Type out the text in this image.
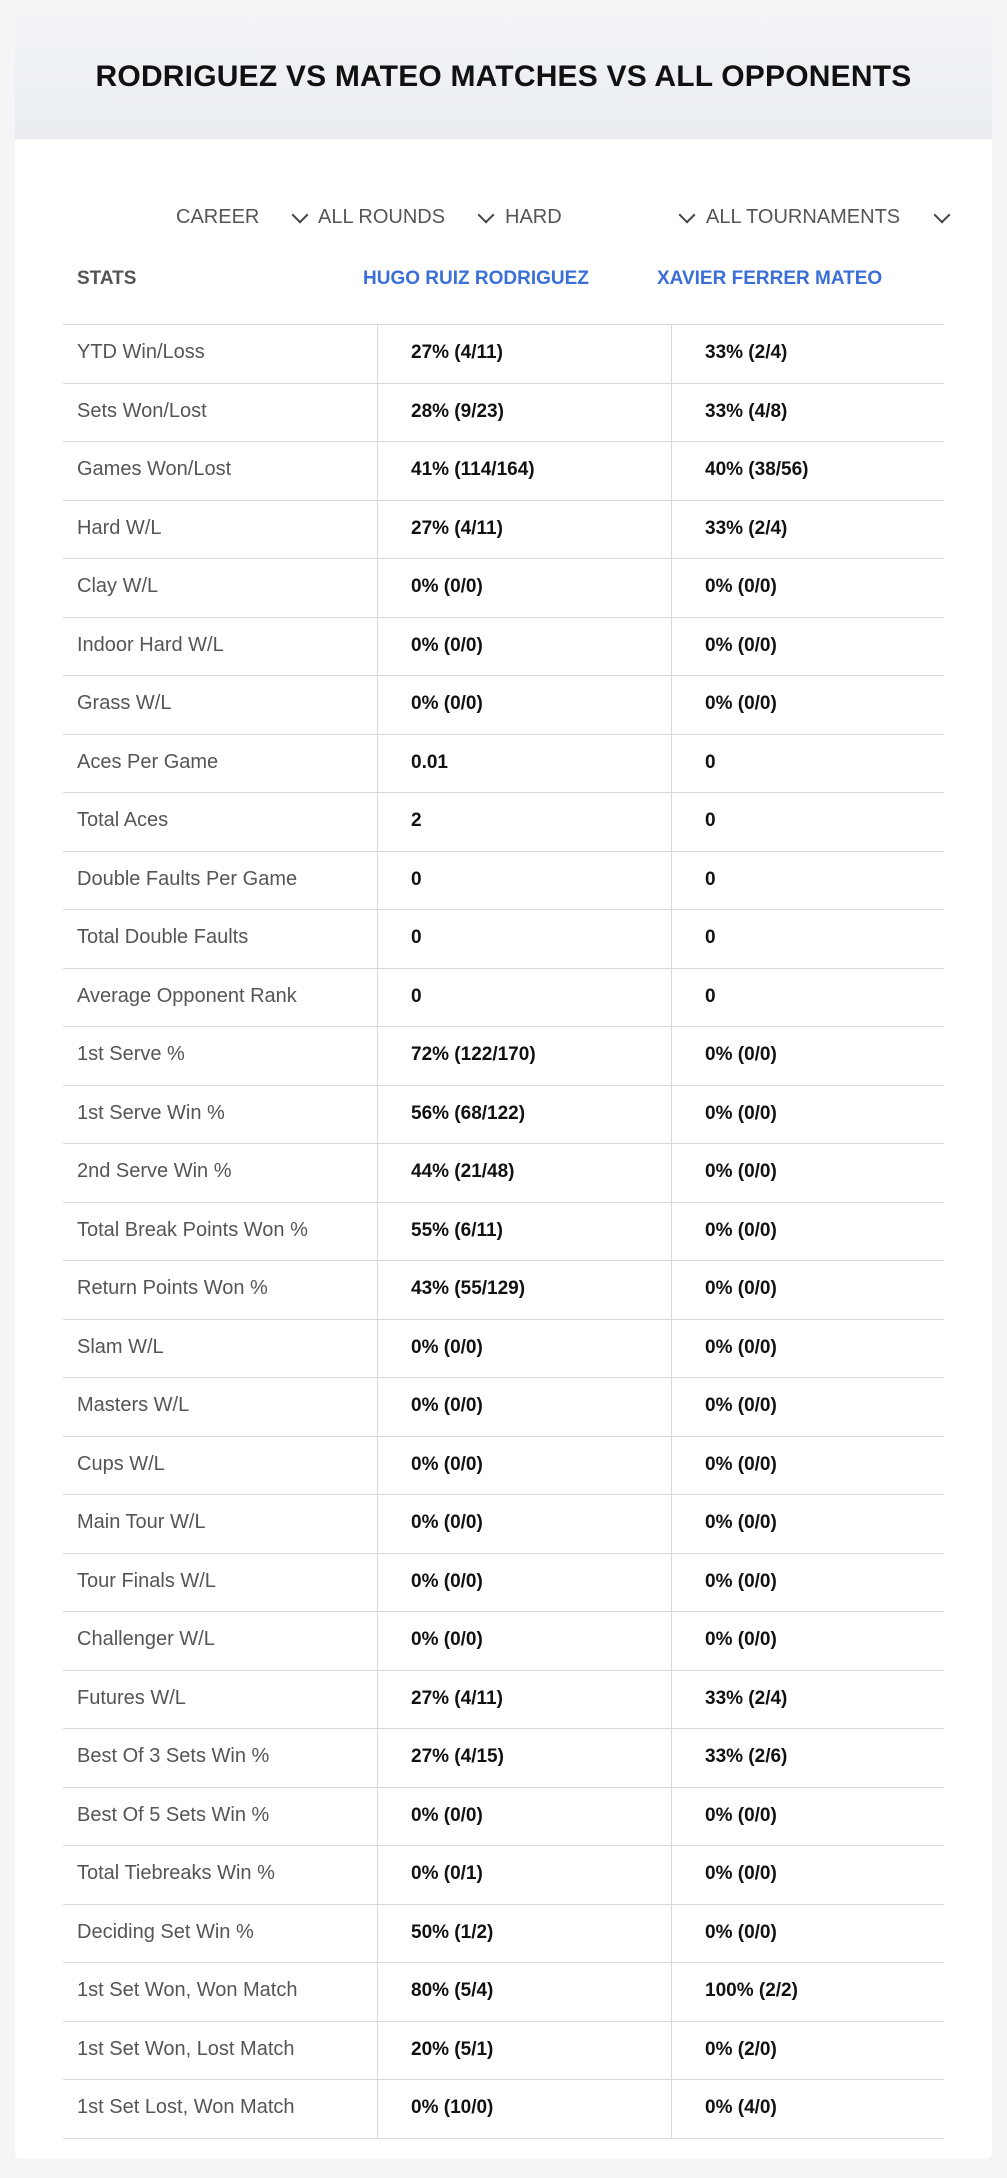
RODRIGUEZ VS MATEO MATCHES VS ALL OPPONENTS
CAREER	ALL ROUNDS	HARD	ALL TOURNAMENTS
STATS	HUGO RUIZ RODRIGUEZ	XAVIER FERRER MATEO
YTD Win/Loss	27% (4/11)	33% (2/4)
Sets Won/Lost	28% (9/23)	33% (4/8)
Games Won/Lost	41% (114/164)	40% (38/56)
Hard W/L	27% (4/11)	33% (2/4)
Clay W/L	0% (0/0)	0% (0/0)
Indoor Hard W/L	0% (0/0)	0% (0/0)
Grass W/L	0% (0/0)	0% (0/0)
Aces Per Game	0.01	0
Total Aces	2	0
Double Faults Per Game	0	0
Total Double Faults	0	0
Average Opponent Rank	0	0
1st Serve %	72% (122/170)	0% (0/0)
1st Serve Win %	56% (68/122)	0% (0/0)
2nd Serve Win %	44% (21/48)	0% (0/0)
Total Break Points Won %	55% (6/11)	0% (0/0)
Return Points Won %	43% (55/129)	0% (0/0)
Slam W/L	0% (0/0)	0% (0/0)
Masters W/L	0% (0/0)	0% (0/0)
Cups W/L	0% (0/0)	0% (0/0)
Main Tour W/L	0% (0/0)	0% (0/0)
Tour Finals W/L	0% (0/0)	0% (0/0)
Challenger W/L	0% (0/0)	0% (0/0)
Futures W/L	27% (4/11)	33% (2/4)
Best Of 3 Sets Win %	27% (4/15)	33% (2/6)
Best Of 5 Sets Win %	0% (0/0)	0% (0/0)
Total Tiebreaks Win %	0% (0/1)	0% (0/0)
Deciding Set Win %	50% (1/2)	0% (0/0)
1st Set Won, Won Match	80% (5/4)	100% (2/2)
1st Set Won, Lost Match	20% (5/1)	0% (2/0)
1st Set Lost, Won Match	0% (10/0)	0% (4/0)
